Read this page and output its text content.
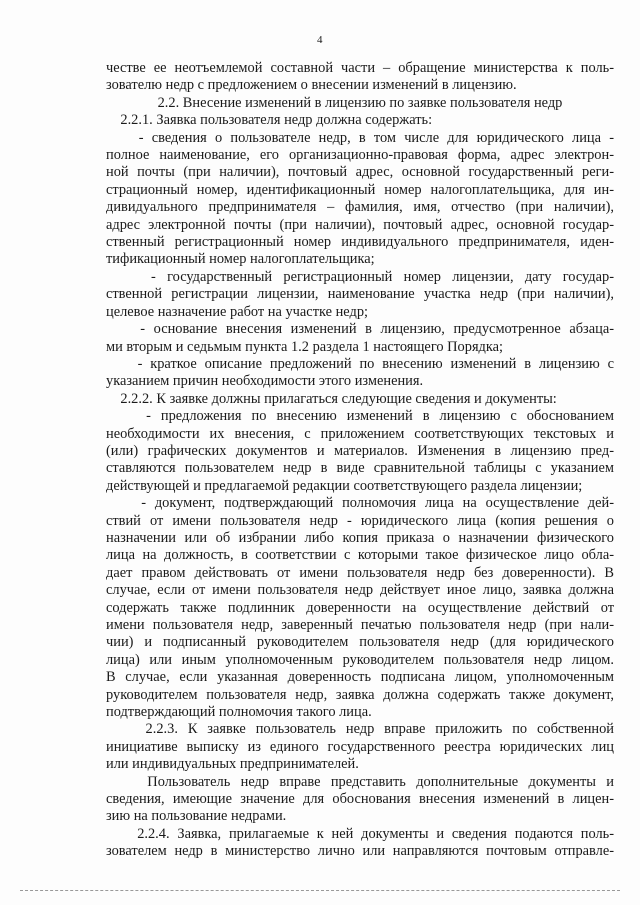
4
честве ее неотъемлемой составной части – обращение министерства к поль-
зователю недр с предложением о внесении изменений в лицензию.
2.2. Внесение изменений в лицензию по заявке пользователя недр
2.2.1. Заявка пользователя недр должна содержать:
- сведения о пользователе недр, в том числе для юридического лица -
полное наименование, его организационно-правовая форма, адрес электрон-
ной почты (при наличии), почтовый адрес, основной государственный реги-
страционный номер, идентификационный номер налогоплательщика, для ин-
дивидуального предпринимателя – фамилия, имя, отчество (при наличии),
адрес электронной почты (при наличии), почтовый адрес, основной государ-
ственный регистрационный номер индивидуального предпринимателя, иден-
тификационный номер налогоплательщика;
- государственный регистрационный номер лицензии, дату государ-
ственной регистрации лицензии, наименование участка недр (при наличии),
целевое назначение работ на участке недр;
- основание внесения изменений в лицензию, предусмотренное абзаца-
ми вторым и седьмым пункта 1.2 раздела 1 настоящего Порядка;
- краткое описание предложений по внесению изменений в лицензию с
указанием причин необходимости этого изменения.
2.2.2. К заявке должны прилагаться следующие сведения и документы:
- предложения по внесению изменений в лицензию с обоснованием
необходимости их внесения, с приложением соответствующих текстовых и
(или) графических документов и материалов. Изменения в лицензию пред-
ставляются пользователем недр в виде сравнительной таблицы с указанием
действующей и предлагаемой редакции соответствующего раздела лицензии;
- документ, подтверждающий полномочия лица на осуществление дей-
ствий от имени пользователя недр - юридического лица (копия решения о
назначении или об избрании либо копия приказа о назначении физического
лица на должность, в соответствии с которыми такое физическое лицо обла-
дает правом действовать от имени пользователя недр без доверенности). В
случае, если от имени пользователя недр действует иное лицо, заявка должна
содержать также подлинник доверенности на осуществление действий от
имени пользователя недр, заверенный печатью пользователя недр (при нали-
чии) и подписанный руководителем пользователя недр (для юридического
лица) или иным уполномоченным руководителем пользователя недр лицом.
В случае, если указанная доверенность подписана лицом, уполномоченным
руководителем пользователя недр, заявка должна содержать также документ,
подтверждающий полномочия такого лица.
2.2.3. К заявке пользователь недр вправе приложить по собственной
инициативе выписку из единого государственного реестра юридических лиц
или индивидуальных предпринимателей.
Пользователь недр вправе представить дополнительные документы и
сведения, имеющие значение для обоснования внесения изменений в лицен-
зию на пользование недрами.
2.2.4. Заявка, прилагаемые к ней документы и сведения подаются поль-
зователем недр в министерство лично или направляются почтовым отправле-
